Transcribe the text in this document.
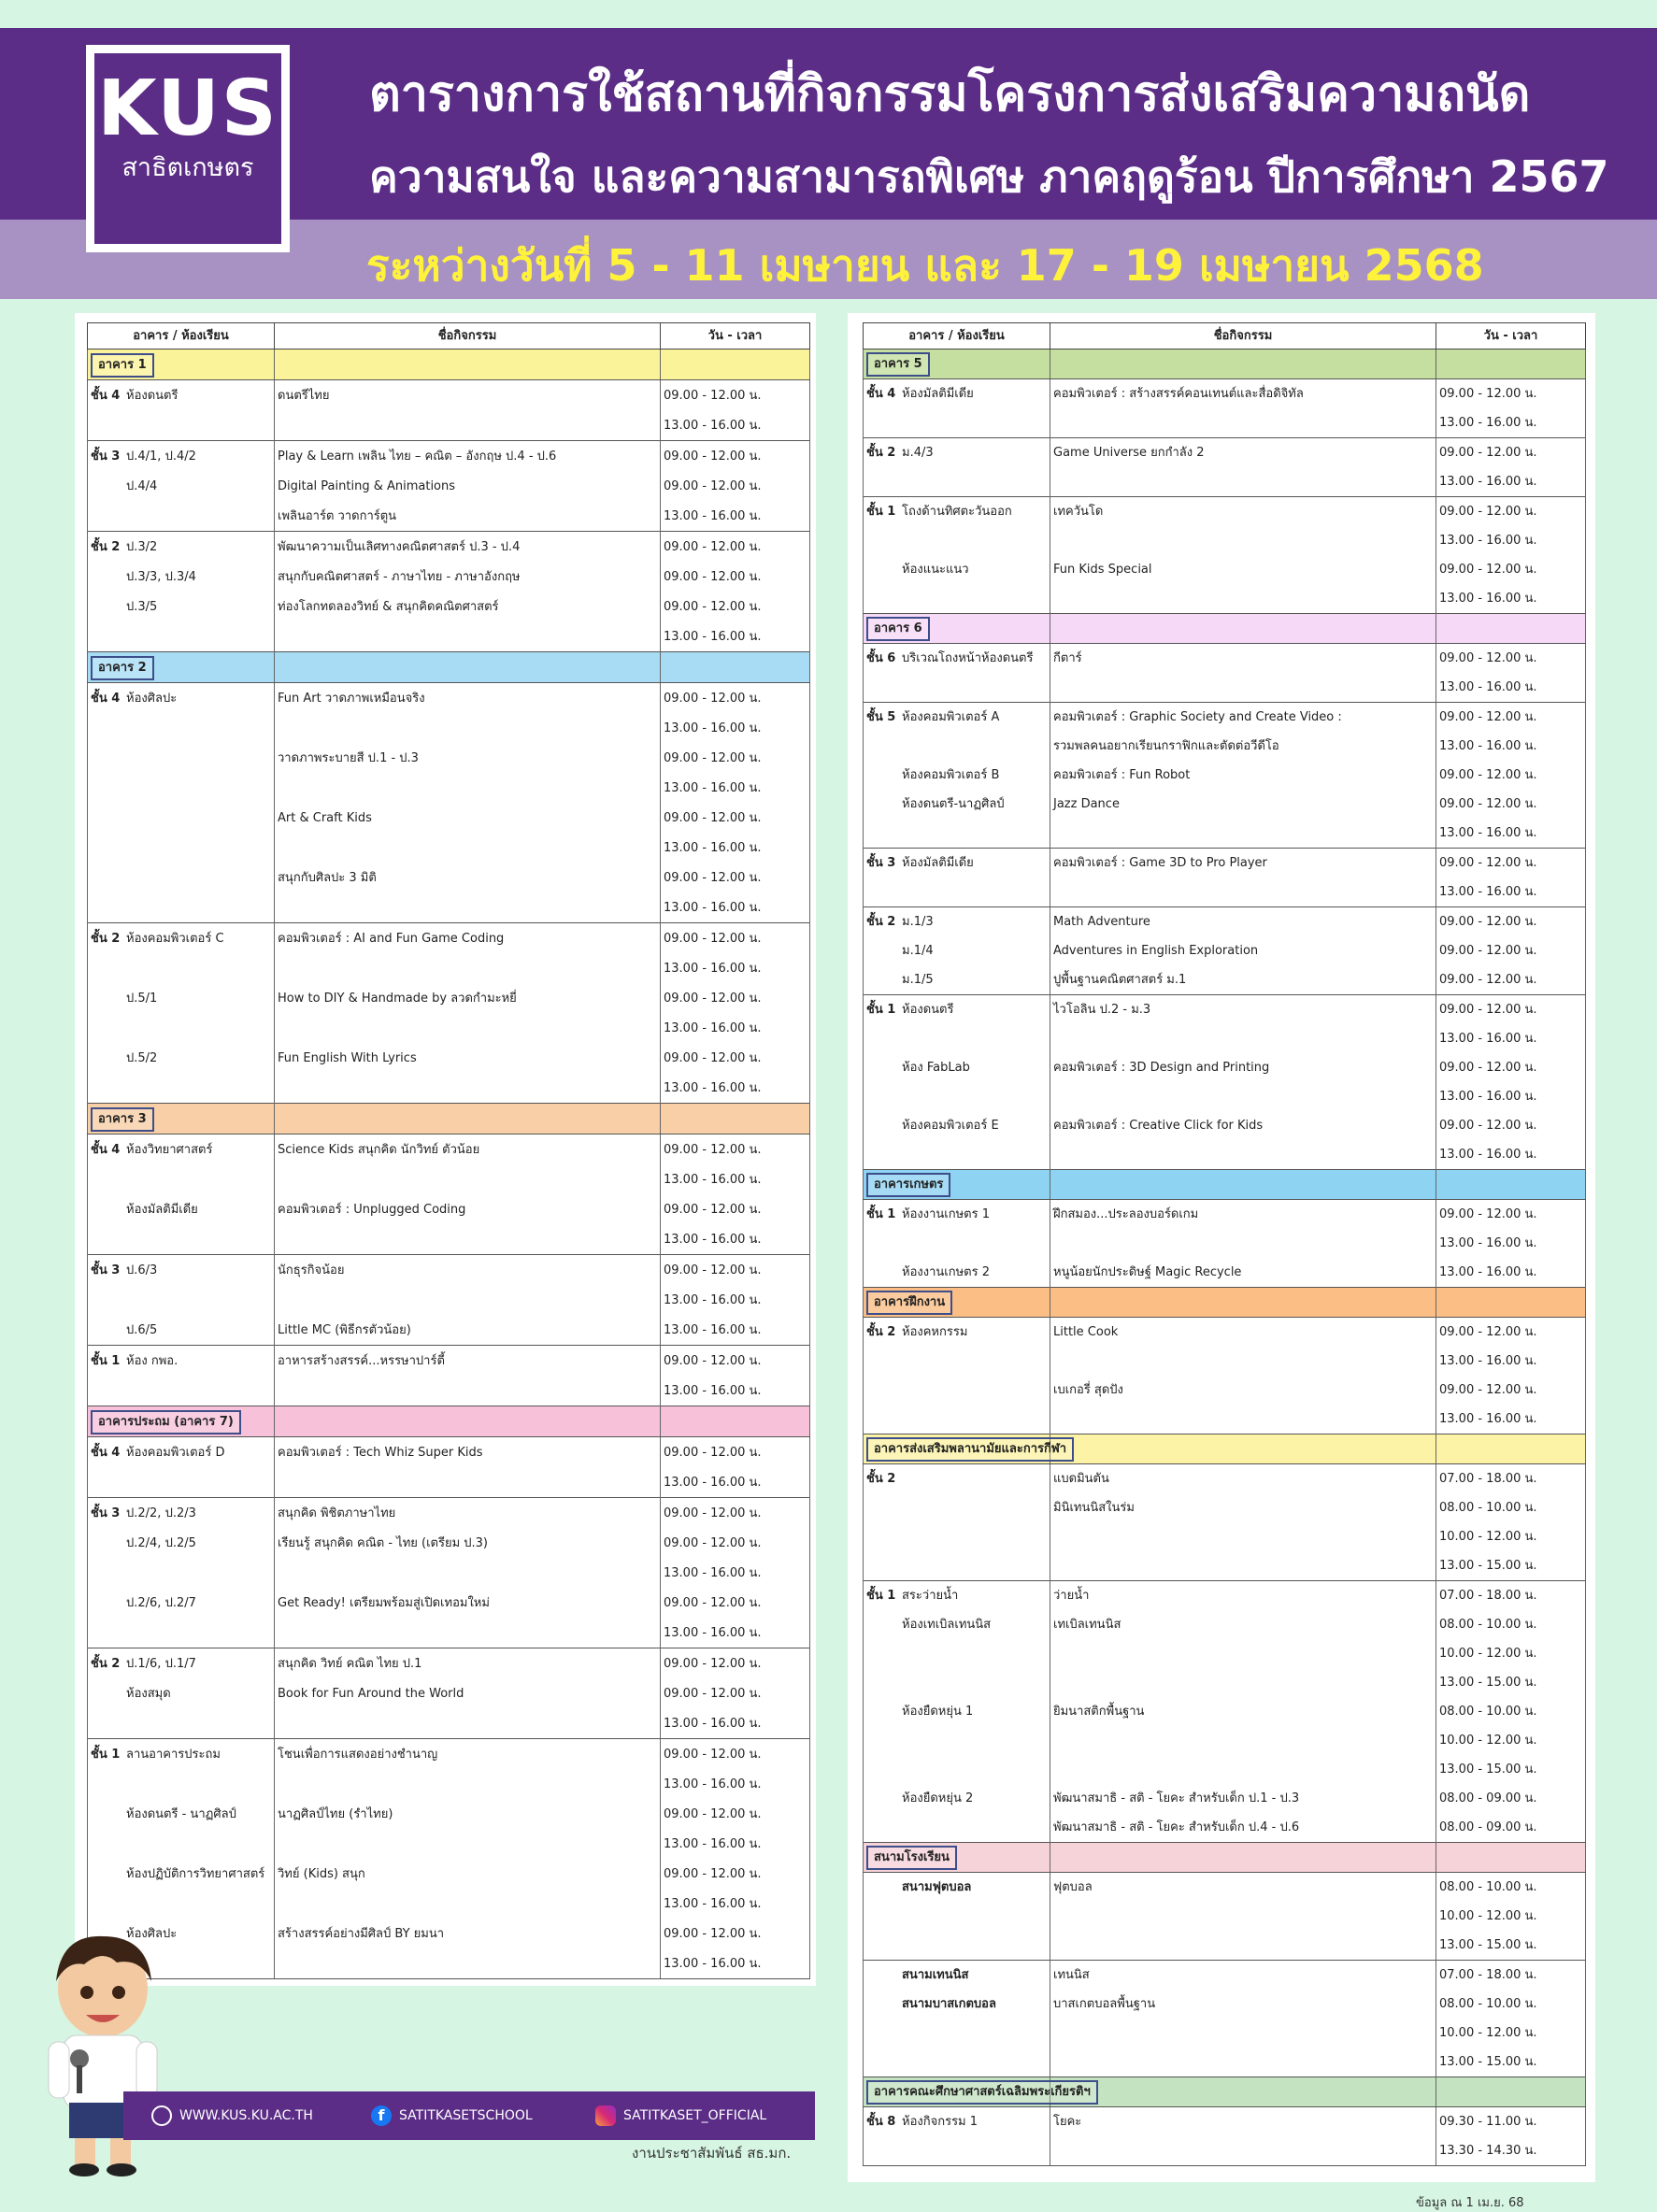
KUS
สาธิตเกษตร
ตารางการใช้สถานที่กิจกรรมโครงการส่งเสริมความถนัด
ความสนใจ และความสามารถพิเศษ ภาคฤดูร้อน ปีการศึกษา 2567
ระหว่างวันที่ 5 - 11 เมษายน และ 17 - 19 เมษายน 2568
อาคาร / ห้องเรียน	ชื่อกิจกรรม	วัน - เวลา
อาคาร 1		
ชั้น 4 ห้องดนตรี	ดนตรีไทย	09.00 - 12.00 น.
		13.00 - 16.00 น.
ชั้น 3 ป.4/1, ป.4/2	Play & Learn เพลิน ไทย – คณิต – อังกฤษ ป.4 - ป.6	09.00 - 12.00 น.
ป.4/4	Digital Painting & Animations	09.00 - 12.00 น.
	เพลินอาร์ต วาดการ์ตูน	13.00 - 16.00 น.
ชั้น 2 ป.3/2	พัฒนาความเป็นเลิศทางคณิตศาสตร์ ป.3 - ป.4	09.00 - 12.00 น.
ป.3/3, ป.3/4	สนุกกับคณิตศาสตร์ - ภาษาไทย - ภาษาอังกฤษ	09.00 - 12.00 น.
ป.3/5	ท่องโลกทดลองวิทย์ & สนุกคิดคณิตศาสตร์	09.00 - 12.00 น.
		13.00 - 16.00 น.
อาคาร 2		
ชั้น 4 ห้องศิลปะ	Fun Art วาดภาพเหมือนจริง	09.00 - 12.00 น.
		13.00 - 16.00 น.
	วาดภาพระบายสี ป.1 - ป.3	09.00 - 12.00 น.
		13.00 - 16.00 น.
	Art & Craft Kids	09.00 - 12.00 น.
		13.00 - 16.00 น.
	สนุกกับศิลปะ 3 มิติ	09.00 - 12.00 น.
		13.00 - 16.00 น.
ชั้น 2 ห้องคอมพิวเตอร์ C	คอมพิวเตอร์ : AI and Fun Game Coding	09.00 - 12.00 น.
		13.00 - 16.00 น.
ป.5/1	How to DIY & Handmade by ลวดกำมะหยี่	09.00 - 12.00 น.
		13.00 - 16.00 น.
ป.5/2	Fun English With Lyrics	09.00 - 12.00 น.
		13.00 - 16.00 น.
อาคาร 3		
ชั้น 4 ห้องวิทยาศาสตร์	Science Kids สนุกคิด นักวิทย์ ตัวน้อย	09.00 - 12.00 น.
		13.00 - 16.00 น.
ห้องมัลติมีเดีย	คอมพิวเตอร์ : Unplugged Coding	09.00 - 12.00 น.
		13.00 - 16.00 น.
ชั้น 3 ป.6/3	นักธุรกิจน้อย	09.00 - 12.00 น.
		13.00 - 16.00 น.
ป.6/5	Little MC (พิธีกรตัวน้อย)	13.00 - 16.00 น.
ชั้น 1 ห้อง กพอ.	อาหารสร้างสรรค์...หรรษาปาร์ตี้	09.00 - 12.00 น.
		13.00 - 16.00 น.
อาคารประถม (อาคาร 7)		
ชั้น 4 ห้องคอมพิวเตอร์ D	คอมพิวเตอร์ : Tech Whiz Super Kids	09.00 - 12.00 น.
		13.00 - 16.00 น.
ชั้น 3 ป.2/2, ป.2/3	สนุกคิด พิชิตภาษาไทย	09.00 - 12.00 น.
ป.2/4, ป.2/5	เรียนรู้ สนุกคิด คณิต - ไทย (เตรียม ป.3)	09.00 - 12.00 น.
		13.00 - 16.00 น.
ป.2/6, ป.2/7	Get Ready! เตรียมพร้อมสู่เปิดเทอมใหม่	09.00 - 12.00 น.
		13.00 - 16.00 น.
ชั้น 2 ป.1/6, ป.1/7	สนุกคิด วิทย์ คณิต ไทย ป.1	09.00 - 12.00 น.
ห้องสมุด	Book for Fun Around the World	09.00 - 12.00 น.
		13.00 - 16.00 น.
ชั้น 1 ลานอาคารประถม	โชนเพื่อการแสดงอย่างชำนาญ	09.00 - 12.00 น.
		13.00 - 16.00 น.
ห้องดนตรี - นาฏศิลป์	นาฏศิลป์ไทย (รำไทย)	09.00 - 12.00 น.
		13.00 - 16.00 น.
ห้องปฏิบัติการวิทยาศาสตร์	วิทย์ (Kids) สนุก	09.00 - 12.00 น.
		13.00 - 16.00 น.
ห้องศิลปะ	สร้างสรรค์อย่างมีศิลป์ BY ยมนา	09.00 - 12.00 น.
		13.00 - 16.00 น.
อาคาร / ห้องเรียน	ชื่อกิจกรรม	วัน - เวลา
อาคาร 5		
ชั้น 4 ห้องมัลติมีเดีย	คอมพิวเตอร์ : สร้างสรรค์คอนเทนต์และสื่อดิจิทัล	09.00 - 12.00 น.
		13.00 - 16.00 น.
ชั้น 2 ม.4/3	Game Universe ยกกำลัง 2	09.00 - 12.00 น.
		13.00 - 16.00 น.
ชั้น 1 โถงด้านทิศตะวันออก	เทควันโด	09.00 - 12.00 น.
		13.00 - 16.00 น.
ห้องแนะแนว	Fun Kids Special	09.00 - 12.00 น.
		13.00 - 16.00 น.
อาคาร 6		
ชั้น 6 บริเวณโถงหน้าห้องดนตรี	กีตาร์	09.00 - 12.00 น.
		13.00 - 16.00 น.
ชั้น 5 ห้องคอมพิวเตอร์ A	คอมพิวเตอร์ : Graphic Society and Create Video :	09.00 - 12.00 น.
	รวมพลคนอยากเรียนกราฟิกและตัดต่อวีดีโอ	13.00 - 16.00 น.
ห้องคอมพิวเตอร์ B	คอมพิวเตอร์ : Fun Robot	09.00 - 12.00 น.
ห้องดนตรี-นาฏศิลป์	Jazz Dance	09.00 - 12.00 น.
		13.00 - 16.00 น.
ชั้น 3 ห้องมัลติมีเดีย	คอมพิวเตอร์ : Game 3D to Pro Player	09.00 - 12.00 น.
		13.00 - 16.00 น.
ชั้น 2 ม.1/3	Math Adventure	09.00 - 12.00 น.
ม.1/4	Adventures in English Exploration	09.00 - 12.00 น.
ม.1/5	ปูพื้นฐานคณิตศาสตร์ ม.1	09.00 - 12.00 น.
ชั้น 1 ห้องดนตรี	ไวโอลิน ป.2 - ม.3	09.00 - 12.00 น.
		13.00 - 16.00 น.
ห้อง FabLab	คอมพิวเตอร์ : 3D Design and Printing	09.00 - 12.00 น.
		13.00 - 16.00 น.
ห้องคอมพิวเตอร์ E	คอมพิวเตอร์ : Creative Click for Kids	09.00 - 12.00 น.
		13.00 - 16.00 น.
อาคารเกษตร		
ชั้น 1 ห้องงานเกษตร 1	ฝึกสมอง...ประลองบอร์ดเกม	09.00 - 12.00 น.
		13.00 - 16.00 น.
ห้องงานเกษตร 2	หนูน้อยนักประดิษฐ์ Magic Recycle	13.00 - 16.00 น.
อาคารฝึกงาน		
ชั้น 2 ห้องคหกรรม	Little Cook	09.00 - 12.00 น.
		13.00 - 16.00 น.
	เบเกอรี่ สุดปัง	09.00 - 12.00 น.
		13.00 - 16.00 น.
อาคารส่งเสริมพลานามัยและการกีฬา		
ชั้น 2	แบดมินตัน	07.00 - 18.00 น.
	มินิเทนนิสในร่ม	08.00 - 10.00 น.
		10.00 - 12.00 น.
		13.00 - 15.00 น.
ชั้น 1 สระว่ายน้ำ	ว่ายน้ำ	07.00 - 18.00 น.
ห้องเทเบิลเทนนิส	เทเบิลเทนนิส	08.00 - 10.00 น.
		10.00 - 12.00 น.
		13.00 - 15.00 น.
ห้องยืดหยุ่น 1	ยิมนาสติกพื้นฐาน	08.00 - 10.00 น.
		10.00 - 12.00 น.
		13.00 - 15.00 น.
ห้องยืดหยุ่น 2	พัฒนาสมาธิ - สติ - โยคะ สำหรับเด็ก ป.1 - ป.3	08.00 - 09.00 น.
	พัฒนาสมาธิ - สติ - โยคะ สำหรับเด็ก ป.4 - ป.6	08.00 - 09.00 น.
สนามโรงเรียน		
สนามฟุตบอล	ฟุตบอล	08.00 - 10.00 น.
		10.00 - 12.00 น.
		13.00 - 15.00 น.
สนามเทนนิส	เทนนิส	07.00 - 18.00 น.
สนามบาสเกตบอล	บาสเกตบอลพื้นฐาน	08.00 - 10.00 น.
		10.00 - 12.00 น.
		13.00 - 15.00 น.
อาคารคณะศึกษาศาสตร์เฉลิมพระเกียรติฯ		
ชั้น 8 ห้องกิจกรรม 1	โยคะ	09.30 - 11.00 น.
		13.30 - 14.30 น.
WWW.KUS.KU.AC.TH	f	SATITKASETSCHOOL	SATITKASET_OFFICIAL
งานประชาสัมพันธ์ สธ.มก.
ข้อมูล ณ 1 เม.ย. 68
